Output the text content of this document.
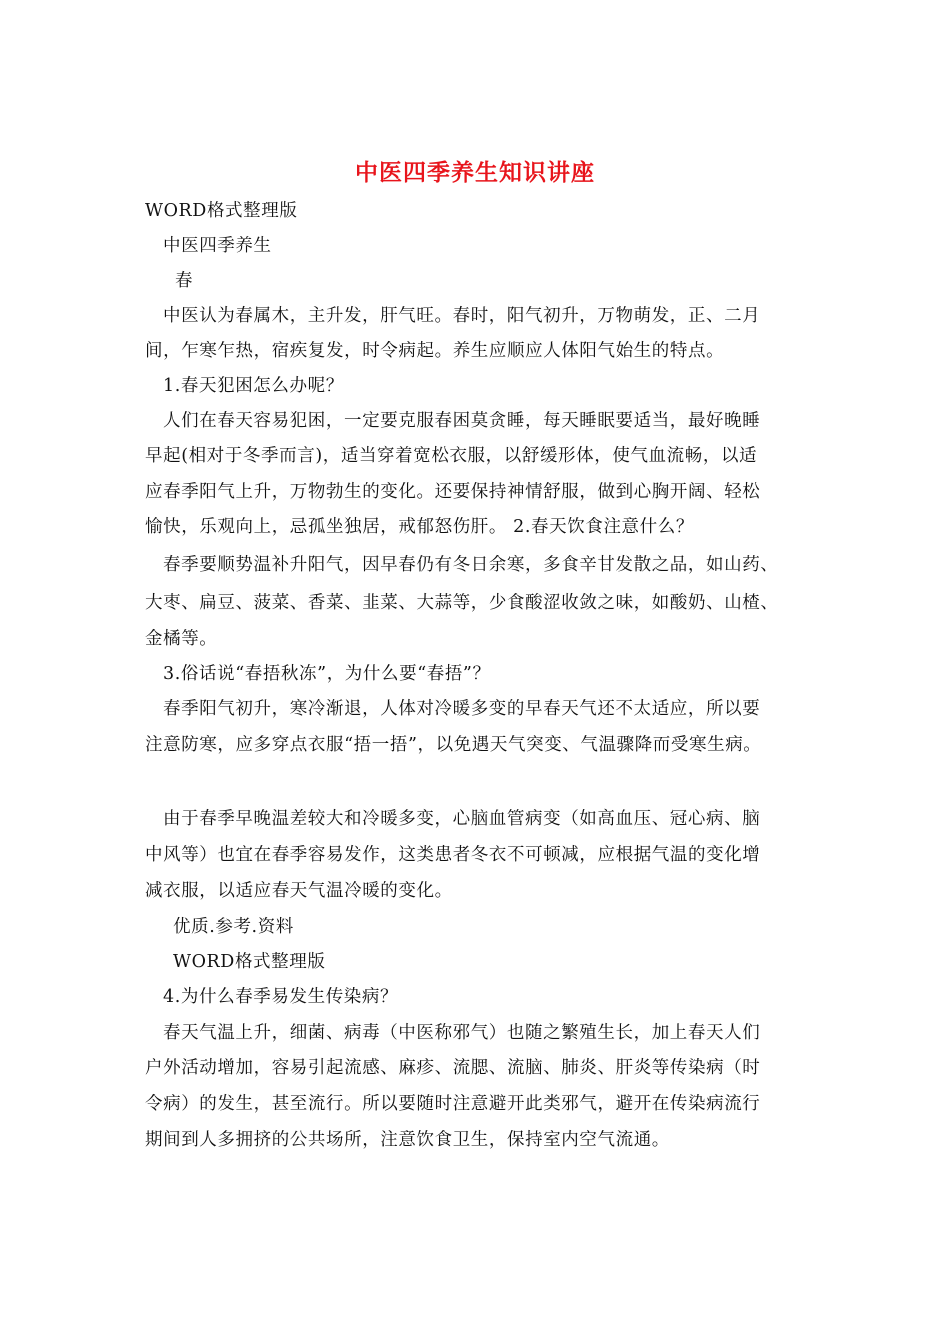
中医四季养生知识讲座
WORD格式整理版
中医四季养生
春
中医认为春属木，主升发，肝气旺。春时，阳气初升，万物萌发，正、二月
间，乍寒乍热，宿疾复发，时令病起。养生应顺应人体阳气始生的特点。
1.春天犯困怎么办呢？
人们在春天容易犯困，一定要克服春困莫贪睡，每天睡眠要适当，最好晚睡
早起(相对于冬季而言)，适当穿着宽松衣服，以舒缓形体，使气血流畅，以适
应春季阳气上升，万物勃生的变化。还要保持神情舒服，做到心胸开阔、轻松
愉快，乐观向上，忌孤坐独居，戒郁怒伤肝。 2.春天饮食注意什么？
春季要顺势温补升阳气，因早春仍有冬日余寒，多食辛甘发散之品，如山药、
大枣、扁豆、菠菜、香菜、韭菜、大蒜等，少食酸涩收敛之味，如酸奶、山楂、
金橘等。
3.俗话说“春捂秋冻”，为什么要“春捂”？
春季阳气初升，寒冷渐退，人体对冷暖多变的早春天气还不太适应，所以要
注意防寒，应多穿点衣服“捂一捂”，以免遇天气突变、气温骤降而受寒生病。
由于春季早晚温差较大和冷暖多变，心脑血管病变（如高血压、冠心病、脑
中风等）也宜在春季容易发作，这类患者冬衣不可顿减，应根据气温的变化增
减衣服，以适应春天气温冷暖的变化。
优质.参考.资料
WORD格式整理版
4.为什么春季易发生传染病？
春天气温上升，细菌、病毒（中医称邪气）也随之繁殖生长，加上春天人们
户外活动增加，容易引起流感、麻疹、流腮、流脑、肺炎、肝炎等传染病（时
令病）的发生，甚至流行。所以要随时注意避开此类邪气，避开在传染病流行
期间到人多拥挤的公共场所，注意饮食卫生，保持室内空气流通。
